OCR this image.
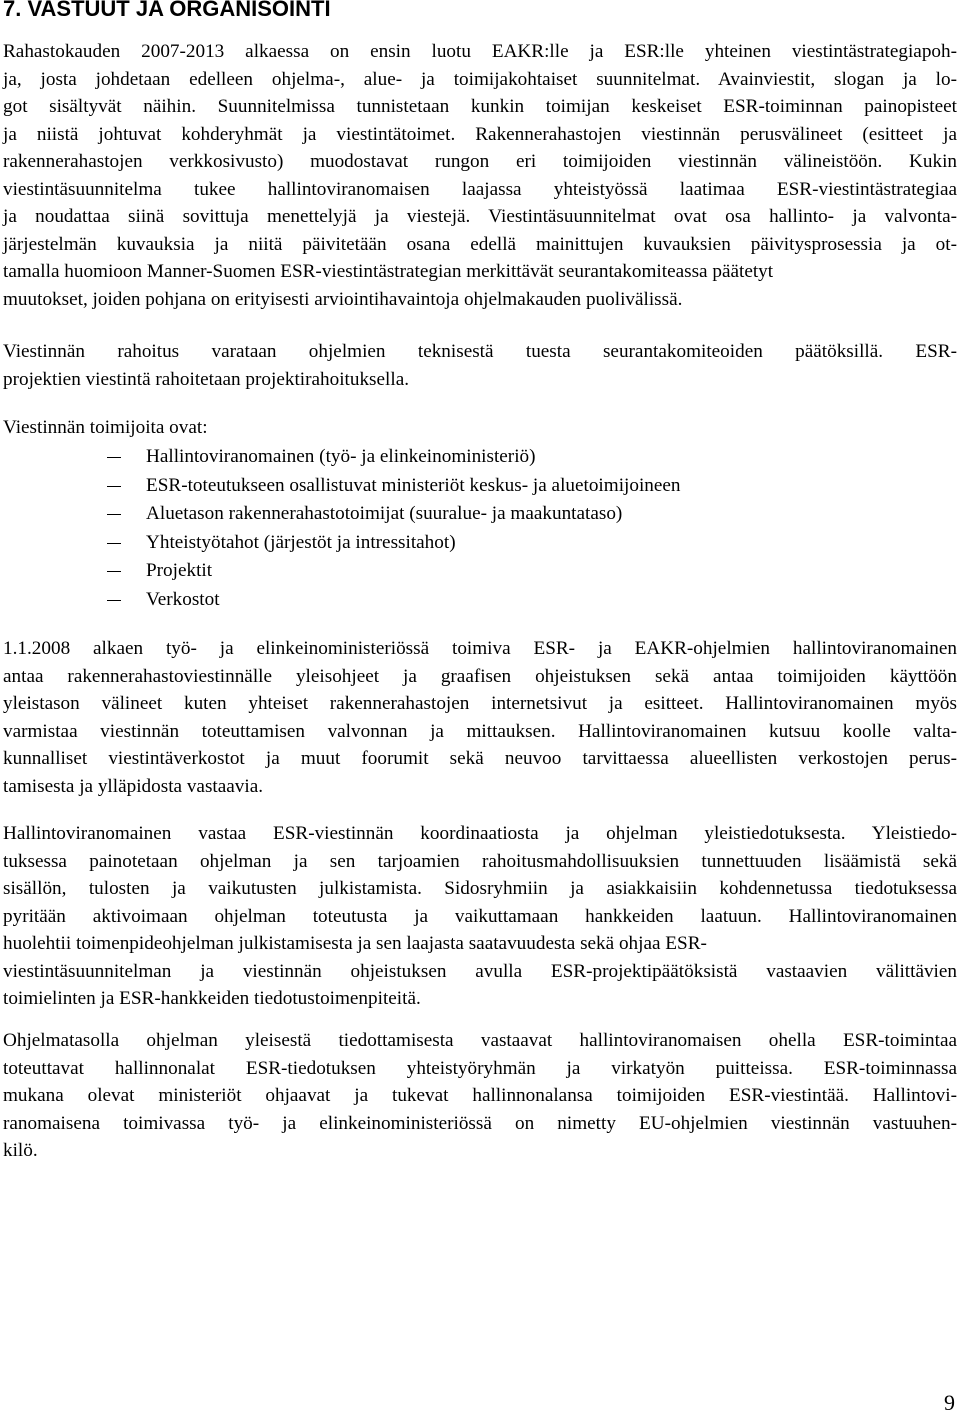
7. VASTUUT JA ORGANISOINTI
Rahastokauden 2007-2013 alkaessa on ensin luotu EAKR:lle ja ESR:lle yhteinen viestintästrategiapoh-
ja, josta johdetaan edelleen ohjelma-, alue- ja toimijakohtaiset suunnitelmat. Avainviestit, slogan ja lo-
got sisältyvät näihin. Suunnitelmissa tunnistetaan kunkin toimijan keskeiset ESR-toiminnan painopisteet
ja niistä johtuvat kohderyhmät ja viestintätoimet. Rakennerahastojen viestinnän perusvälineet (esitteet ja
rakennerahastojen verkkosivusto) muodostavat rungon eri toimijoiden viestinnän välineistöön. Kukin
viestintäsuunnitelma tukee hallintoviranomaisen laajassa yhteistyössä laatimaa ESR-viestintästrategiaa
ja noudattaa siinä sovittuja menettelyjä ja viestejä. Viestintäsuunnitelmat ovat osa hallinto- ja valvonta-
järjestelmän kuvauksia ja niitä päivitetään osana edellä mainittujen kuvauksien päivitysprosessia ja ot-
tamalla huomioon Manner-Suomen ESR-viestintästrategian merkittävät seurantakomiteassa päätetyt
muutokset, joiden pohjana on erityisesti arviointihavaintoja ohjelmakauden puolivälissä.
Viestinnän rahoitus varataan ohjelmien teknisestä tuesta seurantakomiteoiden päätöksillä. ESR-
projektien viestintä rahoitetaan projektirahoituksella.
Viestinnän toimijoita ovat:
Hallintoviranomainen (työ- ja elinkeinoministeriö)
ESR-toteutukseen osallistuvat ministeriöt keskus- ja aluetoimijoineen
Aluetason rakennerahastotoimijat (suuralue- ja maakuntataso)
Yhteistyötahot (järjestöt ja intressitahot)
Projektit
Verkostot
1.1.2008 alkaen työ- ja elinkeinoministeriössä toimiva ESR- ja EAKR-ohjelmien hallintoviranomainen
antaa rakennerahastoviestinnälle yleisohjeet ja graafisen ohjeistuksen sekä antaa toimijoiden käyttöön
yleistason välineet kuten yhteiset rakennerahastojen internetsivut ja esitteet. Hallintoviranomainen myös
varmistaa viestinnän toteuttamisen valvonnan ja mittauksen. Hallintoviranomainen kutsuu koolle valta-
kunnalliset viestintäverkostot ja muut foorumit sekä neuvoo tarvittaessa alueellisten verkostojen perus-
tamisesta ja ylläpidosta vastaavia.
Hallintoviranomainen vastaa ESR-viestinnän koordinaatiosta ja ohjelman yleistiedotuksesta. Yleistiedo-
tuksessa painotetaan ohjelman ja sen tarjoamien rahoitusmahdollisuuksien tunnettuuden lisäämistä sekä
sisällön, tulosten ja vaikutusten julkistamista. Sidosryhmiin ja asiakkaisiin kohdennetussa tiedotuksessa
pyritään aktivoimaan ohjelman toteutusta ja vaikuttamaan hankkeiden laatuun. Hallintoviranomainen
huolehtii toimenpideohjelman julkistamisesta ja sen laajasta saatavuudesta sekä ohjaa ESR-
viestintäsuunnitelman ja viestinnän ohjeistuksen avulla ESR-projektipäätöksistä vastaavien välittävien
toimielinten ja ESR-hankkeiden tiedotustoimenpiteitä.
Ohjelmatasolla ohjelman yleisestä tiedottamisesta vastaavat hallintoviranomaisen ohella ESR-toimintaa
toteuttavat hallinnonalat ESR-tiedotuksen yhteistyöryhmän ja virkatyön puitteissa. ESR-toiminnassa
mukana olevat ministeriöt ohjaavat ja tukevat hallinnonalansa toimijoiden ESR-viestintää. Hallintovi-
ranomaisena toimivassa työ- ja elinkeinoministeriössä on nimetty EU-ohjelmien viestinnän vastuuhen-
kilö.
9
